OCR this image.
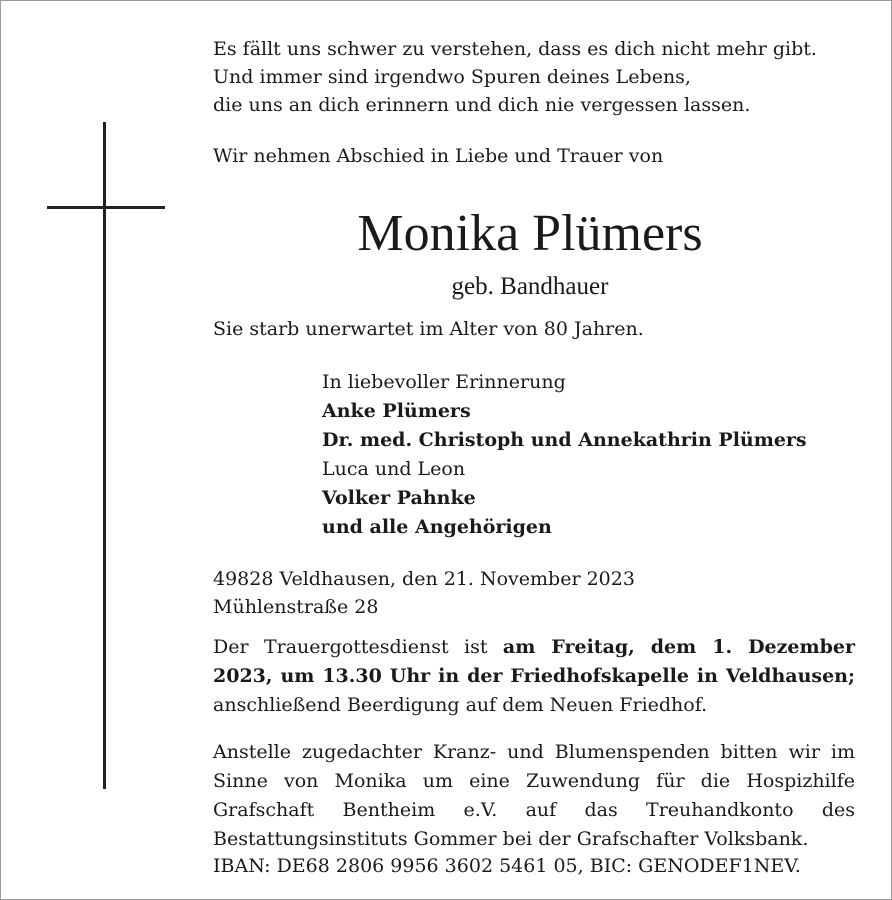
Es fällt uns schwer zu verstehen, dass es dich nicht mehr gibt.
Und immer sind irgendwo Spuren deines Lebens,
die uns an dich erinnern und dich nie vergessen lassen.
Wir nehmen Abschied in Liebe und Trauer von
Monika Plümers
geb. Bandhauer
Sie starb unerwartet im Alter von 80 Jahren.
In liebevoller Erinnerung
Anke Plümers
Dr. med. Christoph und Annekathrin Plümers
Luca und Leon
Volker Pahnke
und alle Angehörigen
49828 Veldhausen, den 21. November 2023
Mühlenstraße 28
Der Trauergottesdienst ist am Freitag, dem 1. Dezember 2023, um 13.30 Uhr in der Friedhofskapelle in Veldhausen; anschließend Beerdigung auf dem Neuen Friedhof.
Anstelle zugedachter Kranz- und Blumenspenden bitten wir im Sinne von Monika um eine Zuwendung für die Hospizhilfe Grafschaft Bentheim e.V. auf das Treuhandkonto des Bestattungsinstituts Gommer bei der Grafschafter Volksbank.
IBAN: DE68 2806 9956 3602 5461 05, BIC: GENODEF1NEV.
